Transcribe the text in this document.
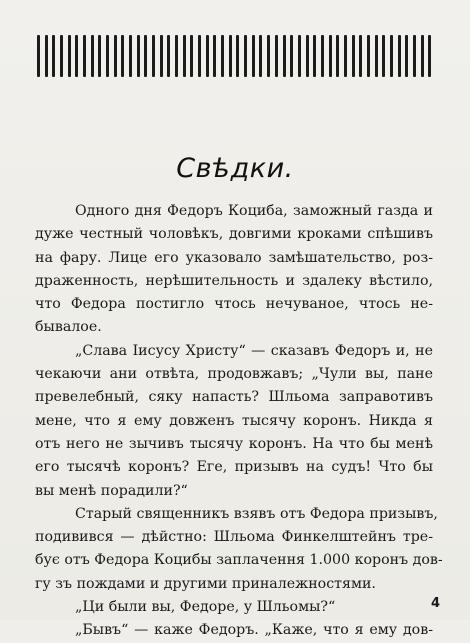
Свѣдки.
Одного дня Федоръ Коцибa, заможный газда и
дуже честный чоловѣкъ, довгими кроками спѣшивъ
на фару. Лице его указовало замѣшательство, роз-
драженность, нерѣшительность и здалеку вѣстило,
что Федора постигло чтось нечуваное, чтось не-
бывалое.
„Слава Іисусу Христу“ — сказавъ Федоръ и, не
чекаючи ани отвѣта, продовжавъ; „Чули вы, пане
превелебный, сяку напасть? Шльома заправотивъ
мене, что я ему довженъ тысячу коронъ. Никда я
отъ него не зычивъ тысячу коронъ. На что бы менѣ
его тысячѣ коронъ? Еге, призывъ на судъ! Что бы
вы менѣ порадили?“
Старый священникъ взявъ отъ Федора призывъ,
подивився — дѣйстно: Шльома Финкелштейнъ тре-
бує отъ Федора Коцибы заплачення 1.000 коронъ дов-
гу зъ пождами и другими приналежностями.
„Ци были вы, Федоре, у Шльомы?“
„Бывъ“ — каже Федоръ. „Каже, что я ему дов-
4
